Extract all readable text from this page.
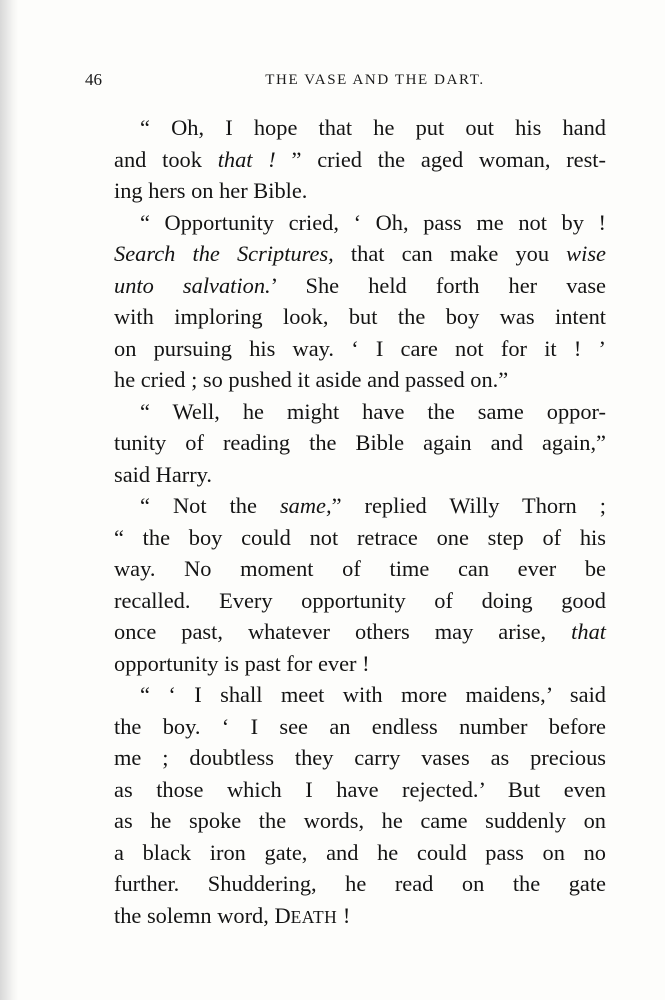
46	THE VASE AND THE DART.
“ Oh, I hope that he put out his hand
and took that ! ” cried the aged woman, rest-
ing hers on her Bible.
“ Opportunity cried, ‘ Oh, pass me not by !
Search the Scriptures, that can make you wise
unto salvation.’ She held forth her vase
with imploring look, but the boy was intent
on pursuing his way. ‘ I care not for it ! ’
he cried ; so pushed it aside and passed on.”
“ Well, he might have the same oppor-
tunity of reading the Bible again and again,”
said Harry.
“ Not the same,” replied Willy Thorn ;
“ the boy could not retrace one step of his
way. No moment of time can ever be
recalled. Every opportunity of doing good
once past, whatever others may arise, that
opportunity is past for ever !
“ ‘ I shall meet with more maidens,’ said
the boy. ‘ I see an endless number before
me ; doubtless they carry vases as precious
as those which I have rejected.’ But even
as he spoke the words, he came suddenly on
a black iron gate, and he could pass on no
further. Shuddering, he read on the gate
the solemn word, DEATH !
